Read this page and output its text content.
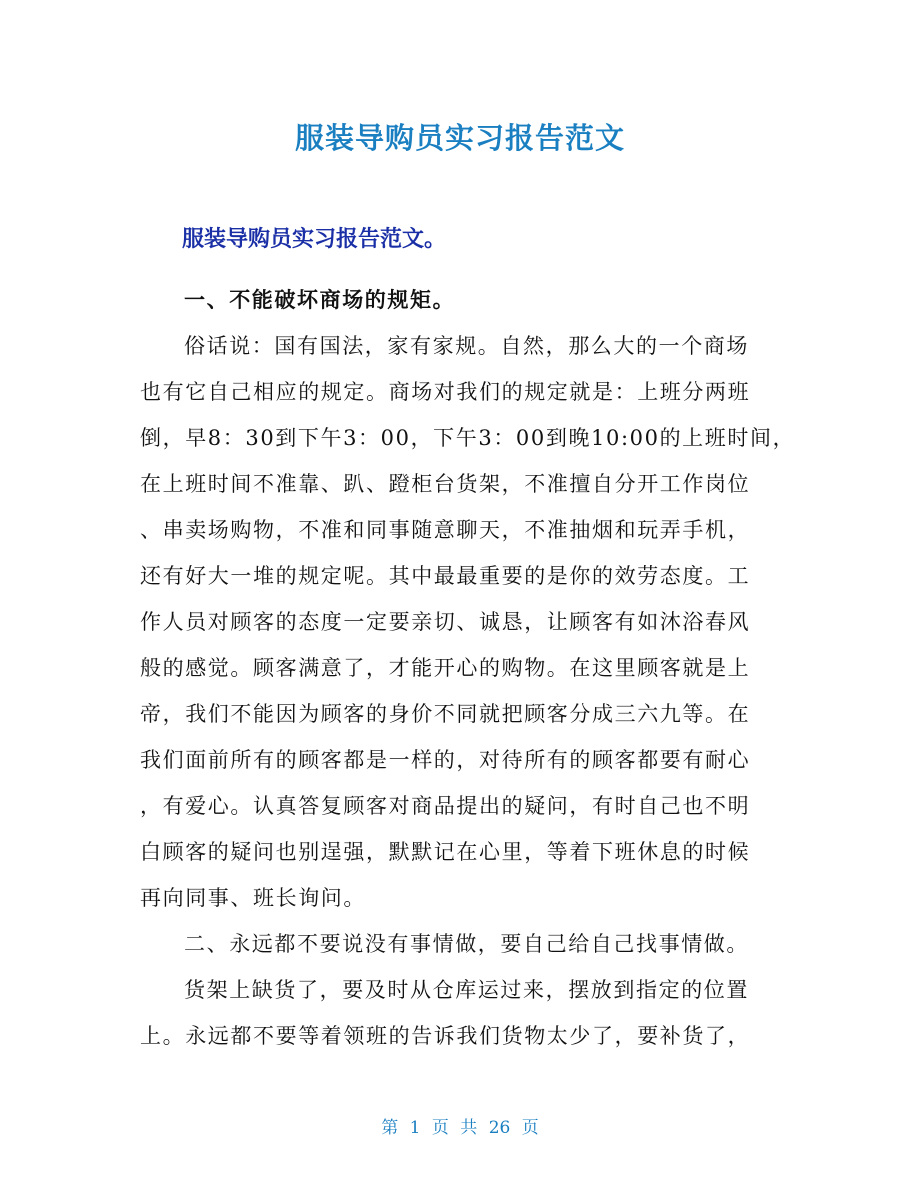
服装导购员实习报告范文
服装导购员实习报告范文。
一、不能破坏商场的规矩。
俗话说：国有国法，家有家规。自然，那么大的一个商场
也有它自己相应的规定。商场对我们的规定就是：上班分两班
倒，早8：30到下午3：00，下午3：00到晚10:00的上班时间，
在上班时间不准靠、趴、蹬柜台货架，不准擅自分开工作岗位
、串卖场购物，不准和同事随意聊天，不准抽烟和玩弄手机，
还有好大一堆的规定呢。其中最最重要的是你的效劳态度。工
作人员对顾客的态度一定要亲切、诚恳，让顾客有如沐浴春风
般的感觉。顾客满意了，才能开心的购物。在这里顾客就是上
帝，我们不能因为顾客的身价不同就把顾客分成三六九等。在
我们面前所有的顾客都是一样的，对待所有的顾客都要有耐心
，有爱心。认真答复顾客对商品提出的疑问，有时自己也不明
白顾客的疑问也别逞强，默默记在心里，等着下班休息的时候
再向同事、班长询问。
二、永远都不要说没有事情做，要自己给自己找事情做。
货架上缺货了，要及时从仓库运过来，摆放到指定的位置
上。永远都不要等着领班的告诉我们货物太少了，要补货了，
第 1 页 共 26 页
